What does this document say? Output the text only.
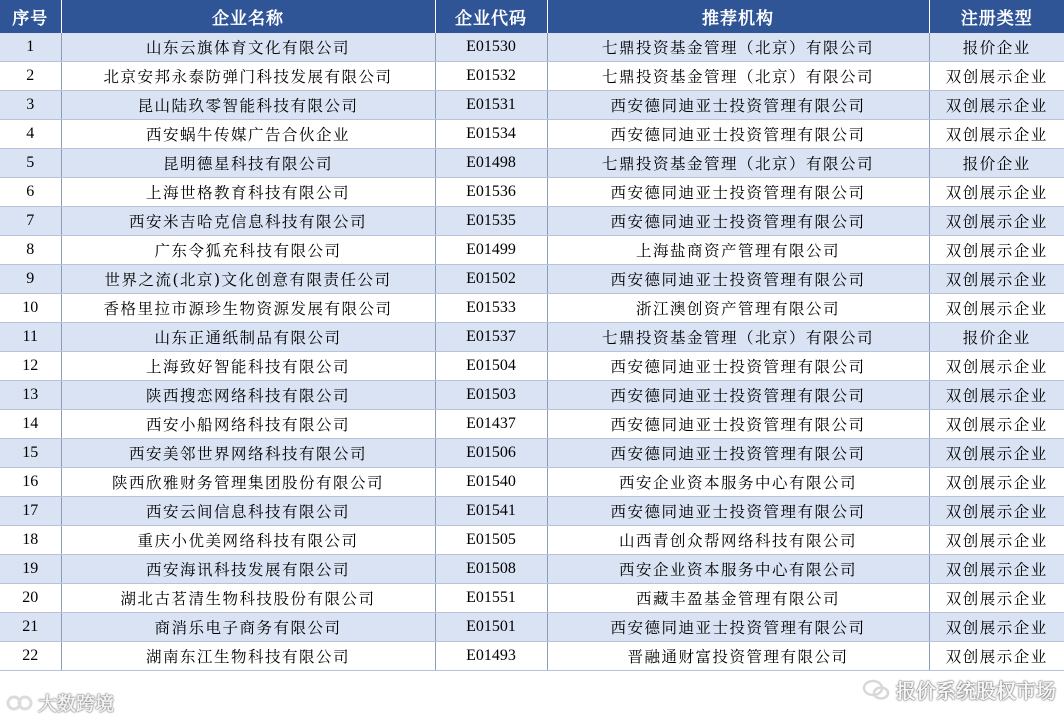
序号	企业名称	企业代码	推荐机构	注册类型
1	山东云旗体育文化有限公司	E01530	七鼎投资基金管理（北京）有限公司	报价企业
2	北京安邦永泰防弹门科技发展有限公司	E01532	七鼎投资基金管理（北京）有限公司	双创展示企业
3	昆山陆玖零智能科技有限公司	E01531	西安德同迪亚士投资管理有限公司	双创展示企业
4	西安蜗牛传媒广告合伙企业	E01534	西安德同迪亚士投资管理有限公司	双创展示企业
5	昆明德星科技有限公司	E01498	七鼎投资基金管理（北京）有限公司	报价企业
6	上海世格教育科技有限公司	E01536	西安德同迪亚士投资管理有限公司	双创展示企业
7	西安米吉哈克信息科技有限公司	E01535	西安德同迪亚士投资管理有限公司	双创展示企业
8	广东令狐充科技有限公司	E01499	上海盐商资产管理有限公司	双创展示企业
9	世界之流(北京)文化创意有限责任公司	E01502	西安德同迪亚士投资管理有限公司	双创展示企业
10	香格里拉市源珍生物资源发展有限公司	E01533	浙江澳创资产管理有限公司	双创展示企业
11	山东正通纸制品有限公司	E01537	七鼎投资基金管理（北京）有限公司	报价企业
12	上海致好智能科技有限公司	E01504	西安德同迪亚士投资管理有限公司	双创展示企业
13	陕西搜恋网络科技有限公司	E01503	西安德同迪亚士投资管理有限公司	双创展示企业
14	西安小船网络科技有限公司	E01437	西安德同迪亚士投资管理有限公司	双创展示企业
15	西安美邻世界网络科技有限公司	E01506	西安德同迪亚士投资管理有限公司	双创展示企业
16	陕西欣雅财务管理集团股份有限公司	E01540	西安企业资本服务中心有限公司	双创展示企业
17	西安云间信息科技有限公司	E01541	西安德同迪亚士投资管理有限公司	双创展示企业
18	重庆小优美网络科技有限公司	E01505	山西青创众帮网络科技有限公司	双创展示企业
19	西安海讯科技发展有限公司	E01508	西安企业资本服务中心有限公司	双创展示企业
20	湖北古茗清生物科技股份有限公司	E01551	西藏丰盈基金管理有限公司	双创展示企业
21	商消乐电子商务有限公司	E01501	西安德同迪亚士投资管理有限公司	双创展示企业
22	湖南东江生物科技有限公司	E01493	晋融通财富投资管理有限公司	双创展示企业
大数跨境
报价系统股权市场
